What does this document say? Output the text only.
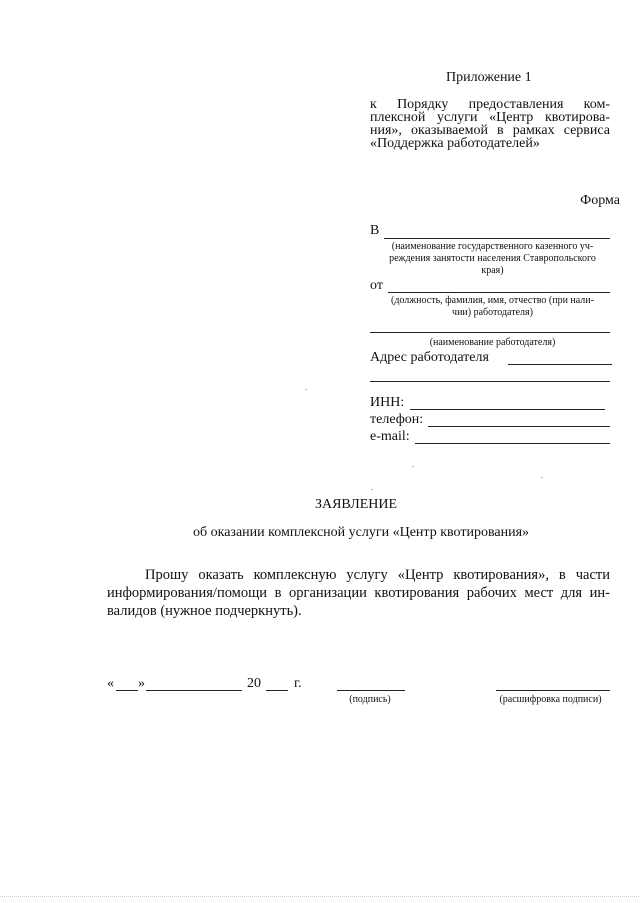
Приложение 1
к Порядку предоставления ком-
плексной услуги «Центр квотирова-
ния», оказываемой в рамках сервиса
«Поддержка работодателей»
Форма
В
(наименование государственного казенного уч-
реждения занятости населения Ставропольского
края)
от
(должность, фамилия, имя, отчество (при нали-
чии) работодателя)
(наименование работодателя)
Адрес работодателя
ИНН:
телефон:
e-mail:
ЗАЯВЛЕНИЕ
об оказании комплексной услуги «Центр квотирования»
Прошу оказать комплексную услугу «Центр квотирования», в части
информирования/помощи в организации квотирования рабочих мест для ин-
валидов (нужное подчеркнуть).
« »	20 г.
(подпись)	(расшифровка подписи)
